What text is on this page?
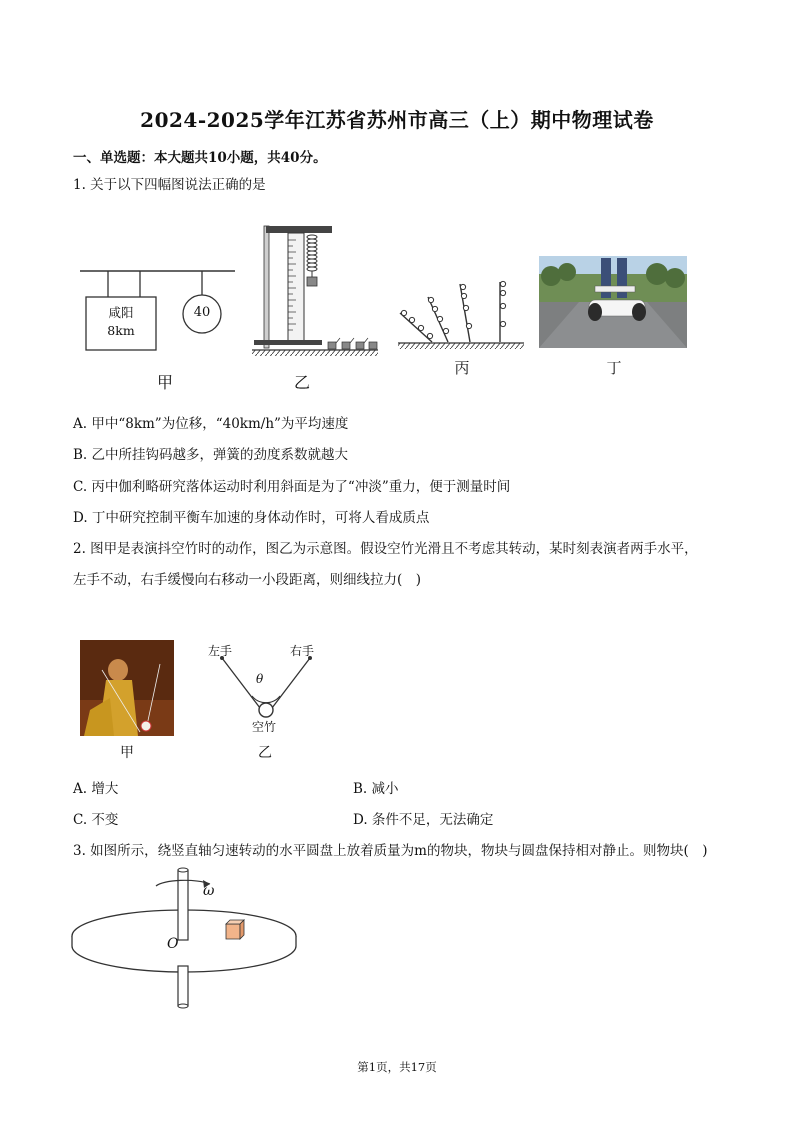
2024-2025学年江苏省苏州市高三（上）期中物理试卷
一、单选题：本大题共10小题，共40分。
1. 关于以下四幅图说法正确的是
咸阳
8km
40
甲	乙
丙	丁
A. 甲中“8km”为位移，“40km/h”为平均速度
B. 乙中所挂钩码越多，弹簧的劲度系数就越大
C. 丙中伽利略研究落体运动时利用斜面是为了“冲淡”重力，便于测量时间
D. 丁中研究控制平衡车加速的身体动作时，可将人看成质点
2. 图甲是表演抖空竹时的动作，图乙为示意图。假设空竹光滑且不考虑其转动，某时刻表演者两手水平，
左手不动，右手缓慢向右移动一小段距离，则细线拉力(　)
甲
左手	右手
θ
空竹
乙
A. 增大	B. 减小
C. 不变	D. 条件不足，无法确定
3. 如图所示，绕竖直轴匀速转动的水平圆盘上放着质量为m的物块，物块与圆盘保持相对静止。则物块(　)
ω
O
第1页，共17页
